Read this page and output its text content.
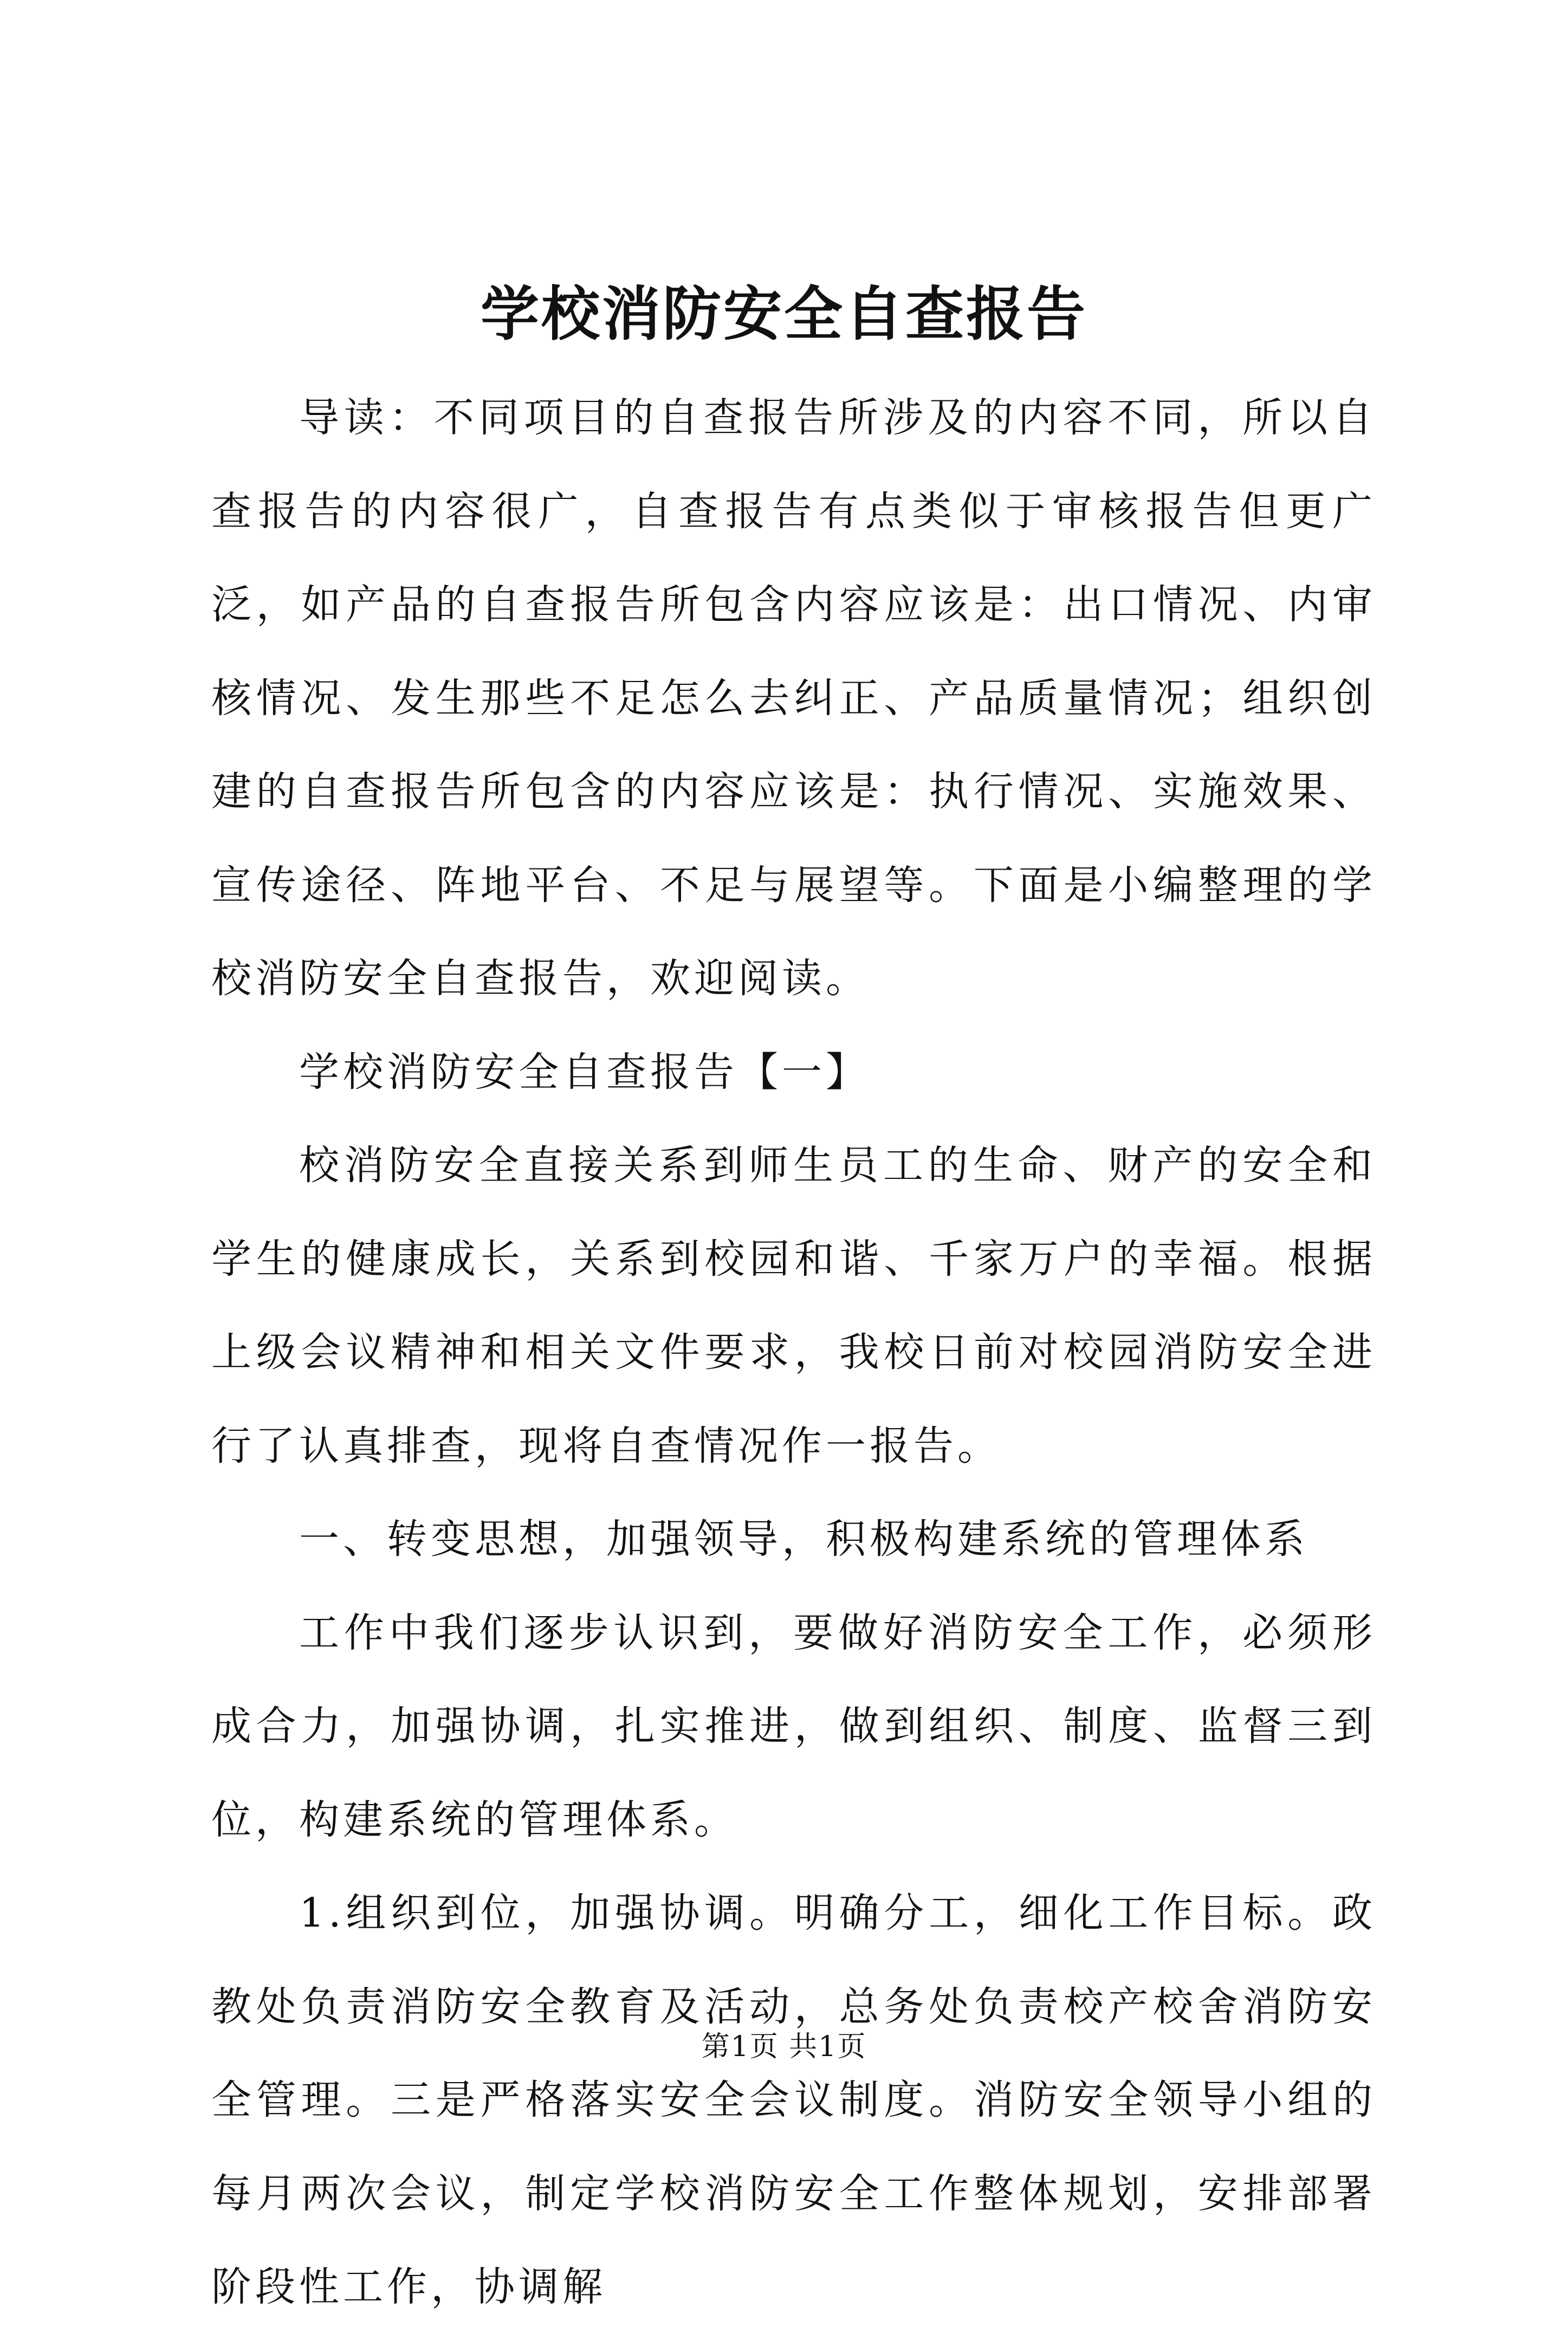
学校消防安全自查报告

导读：不同项目的自查报告所涉及的内容不同，所以自查报告的内容很广，自查报告有点类似于审核报告但更广泛，如产品的自查报告所包含内容应该是：出口情况、内审核情况、发生那些不足怎么去纠正、产品质量情况；组织创建的自查报告所包含的内容应该是：执行情况、实施效果、宣传途径、阵地平台、不足与展望等。下面是小编整理的学校消防安全自查报告，欢迎阅读。

学校消防安全自查报告【一】

校消防安全直接关系到师生员工的生命、财产的安全和学生的健康成长，关系到校园和谐、千家万户的幸福。根据上级会议精神和相关文件要求，我校日前对校园消防安全进行了认真排查，现将自查情况作一报告。

一、转变思想，加强领导，积极构建系统的管理体系

工作中我们逐步认识到，要做好消防安全工作，必须形成合力，加强协调，扎实推进，做到组织、制度、监督三到位，构建系统的管理体系。

1.组织到位，加强协调。明确分工，细化工作目标。政教处负责消防安全教育及活动，总务处负责校产校舍消防安全管理。三是严格落实安全会议制度。消防安全领导小组的每月两次会议，制定学校消防安全工作整体规划，安排部署阶段性工作，协调解

第1页 共1页
